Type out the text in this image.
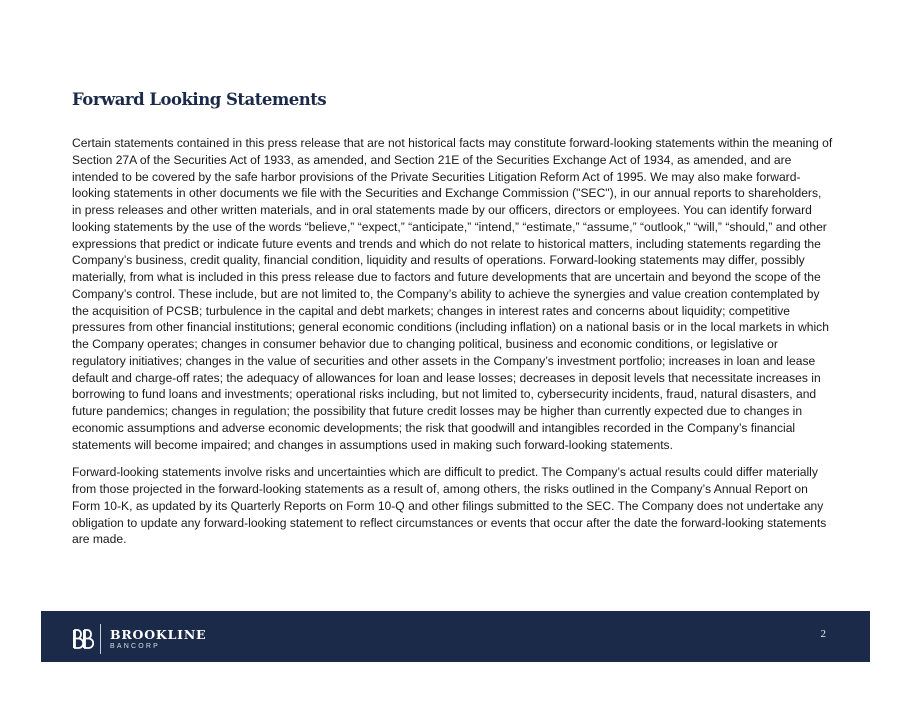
Forward Looking Statements

Certain statements contained in this press release that are not historical facts may constitute forward-looking statements within the meaning of Section 27A of the Securities Act of 1933, as amended, and Section 21E of the Securities Exchange Act of 1934, as amended, and are intended to be covered by the safe harbor provisions of the Private Securities Litigation Reform Act of 1995. We may also make forward-looking statements in other documents we file with the Securities and Exchange Commission ("SEC"), in our annual reports to shareholders, in press releases and other written materials, and in oral statements made by our officers, directors or employees. You can identify forward looking statements by the use of the words “believe,” “expect,” “anticipate,” “intend,” “estimate,” “assume,” “outlook,” “will,” “should,” and other expressions that predict or indicate future events and trends and which do not relate to historical matters, including statements regarding the Company’s business, credit quality, financial condition, liquidity and results of operations. Forward-looking statements may differ, possibly materially, from what is included in this press release due to factors and future developments that are uncertain and beyond the scope of the Company’s control. These include, but are not limited to, the Company’s ability to achieve the synergies and value creation contemplated by the acquisition of PCSB; turbulence in the capital and debt markets; changes in interest rates and concerns about liquidity; competitive pressures from other financial institutions; general economic conditions (including inflation) on a national basis or in the local markets in which the Company operates; changes in consumer behavior due to changing political, business and economic conditions, or legislative or regulatory initiatives; changes in the value of securities and other assets in the Company’s investment portfolio; increases in loan and lease default and charge-off rates; the adequacy of allowances for loan and lease losses; decreases in deposit levels that necessitate increases in borrowing to fund loans and investments; operational risks including, but not limited to, cybersecurity incidents, fraud, natural disasters, and future pandemics; changes in regulation; the possibility that future credit losses may be higher than currently expected due to changes in economic assumptions and adverse economic developments; the risk that goodwill and intangibles recorded in the Company’s financial statements will become impaired; and changes in assumptions used in making such forward-looking statements.

Forward-looking statements involve risks and uncertainties which are difficult to predict. The Company’s actual results could differ materially from those projected in the forward-looking statements as a result of, among others, the risks outlined in the Company’s Annual Report on Form 10-K, as updated by its Quarterly Reports on Form 10-Q and other filings submitted to the SEC. The Company does not undertake any obligation to update any forward-looking statement to reflect circumstances or events that occur after the date the forward-looking statements are made.

BROOKLINE
BANCORP
2
